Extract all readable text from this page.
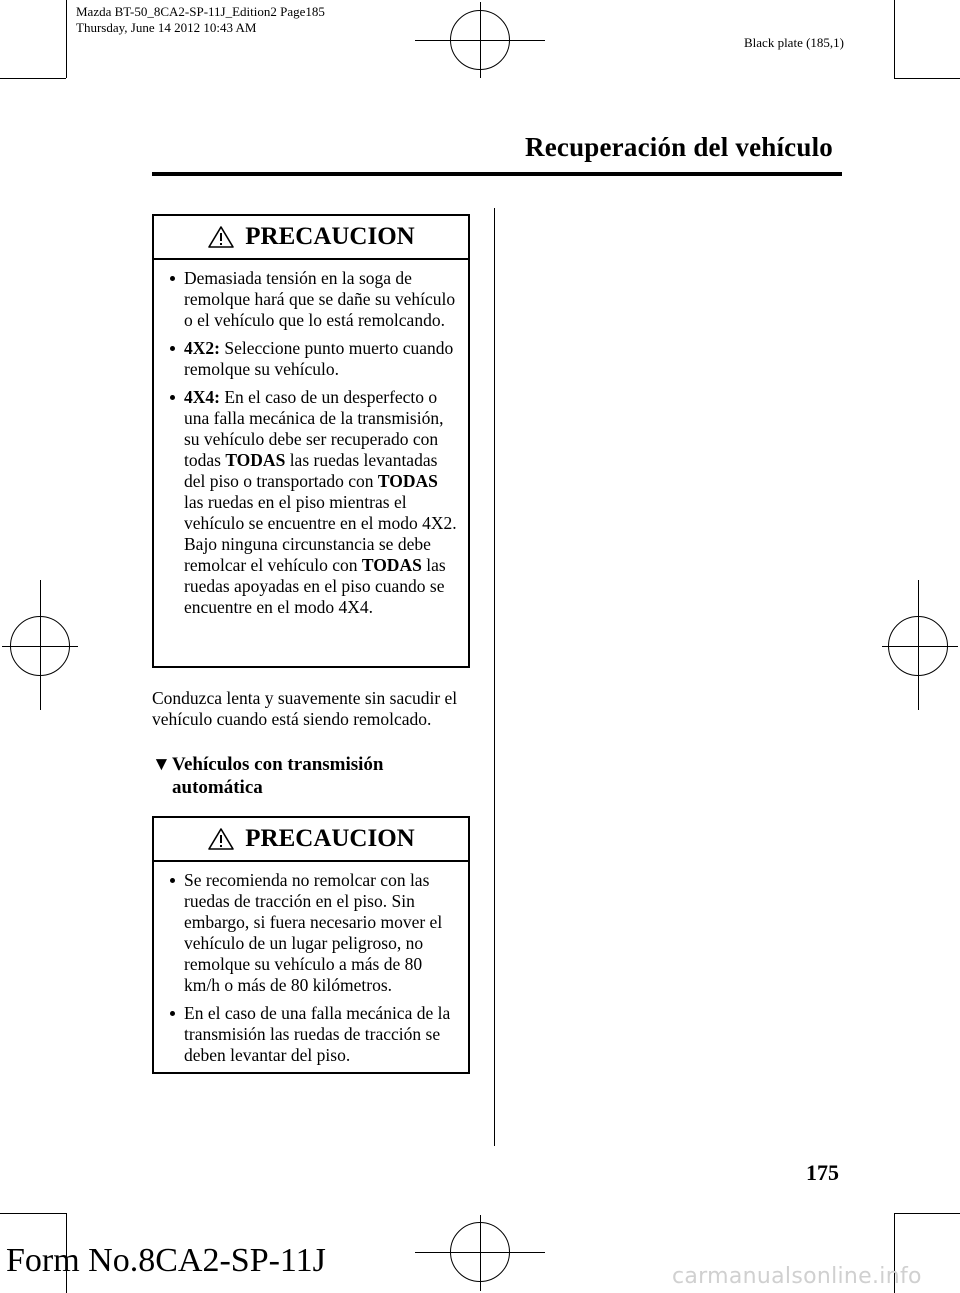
Mazda BT-50_8CA2-SP-11J_Edition2 Page185
Thursday, June 14 2012 10:43 AM
Black plate (185,1)
Recuperación del vehículo
PRECAUCION
Demasiada tensión en la soga de remolque hará que se dañe su vehículo o el vehículo que lo está remolcando.
4X2: Seleccione punto muerto cuando remolque su vehículo.
4X4: En el caso de un desperfecto o una falla mecánica de la transmisión, su vehículo debe ser recuperado con todas TODAS las ruedas levantadas del piso o transportado con TODAS las ruedas en el piso mientras el vehículo se encuentre en el modo 4X2. Bajo ninguna circunstancia se debe remolcar el vehículo con TODAS las ruedas apoyadas en el piso cuando se encuentre en el modo 4X4.
Conduzca lenta y suavemente sin sacudir el vehículo cuando está siendo remolcado.
▼Vehículos con transmisión
automática
PRECAUCION
Se recomienda no remolcar con las ruedas de tracción en el piso. Sin embargo, si fuera necesario mover el vehículo de un lugar peligroso, no remolque su vehículo a más de 80 km/h o más de 80 kilómetros.
En el caso de una falla mecánica de la transmisión las ruedas de tracción se deben levantar del piso.
175
Form No.8CA2-SP-11J	carmanualsonline.info
